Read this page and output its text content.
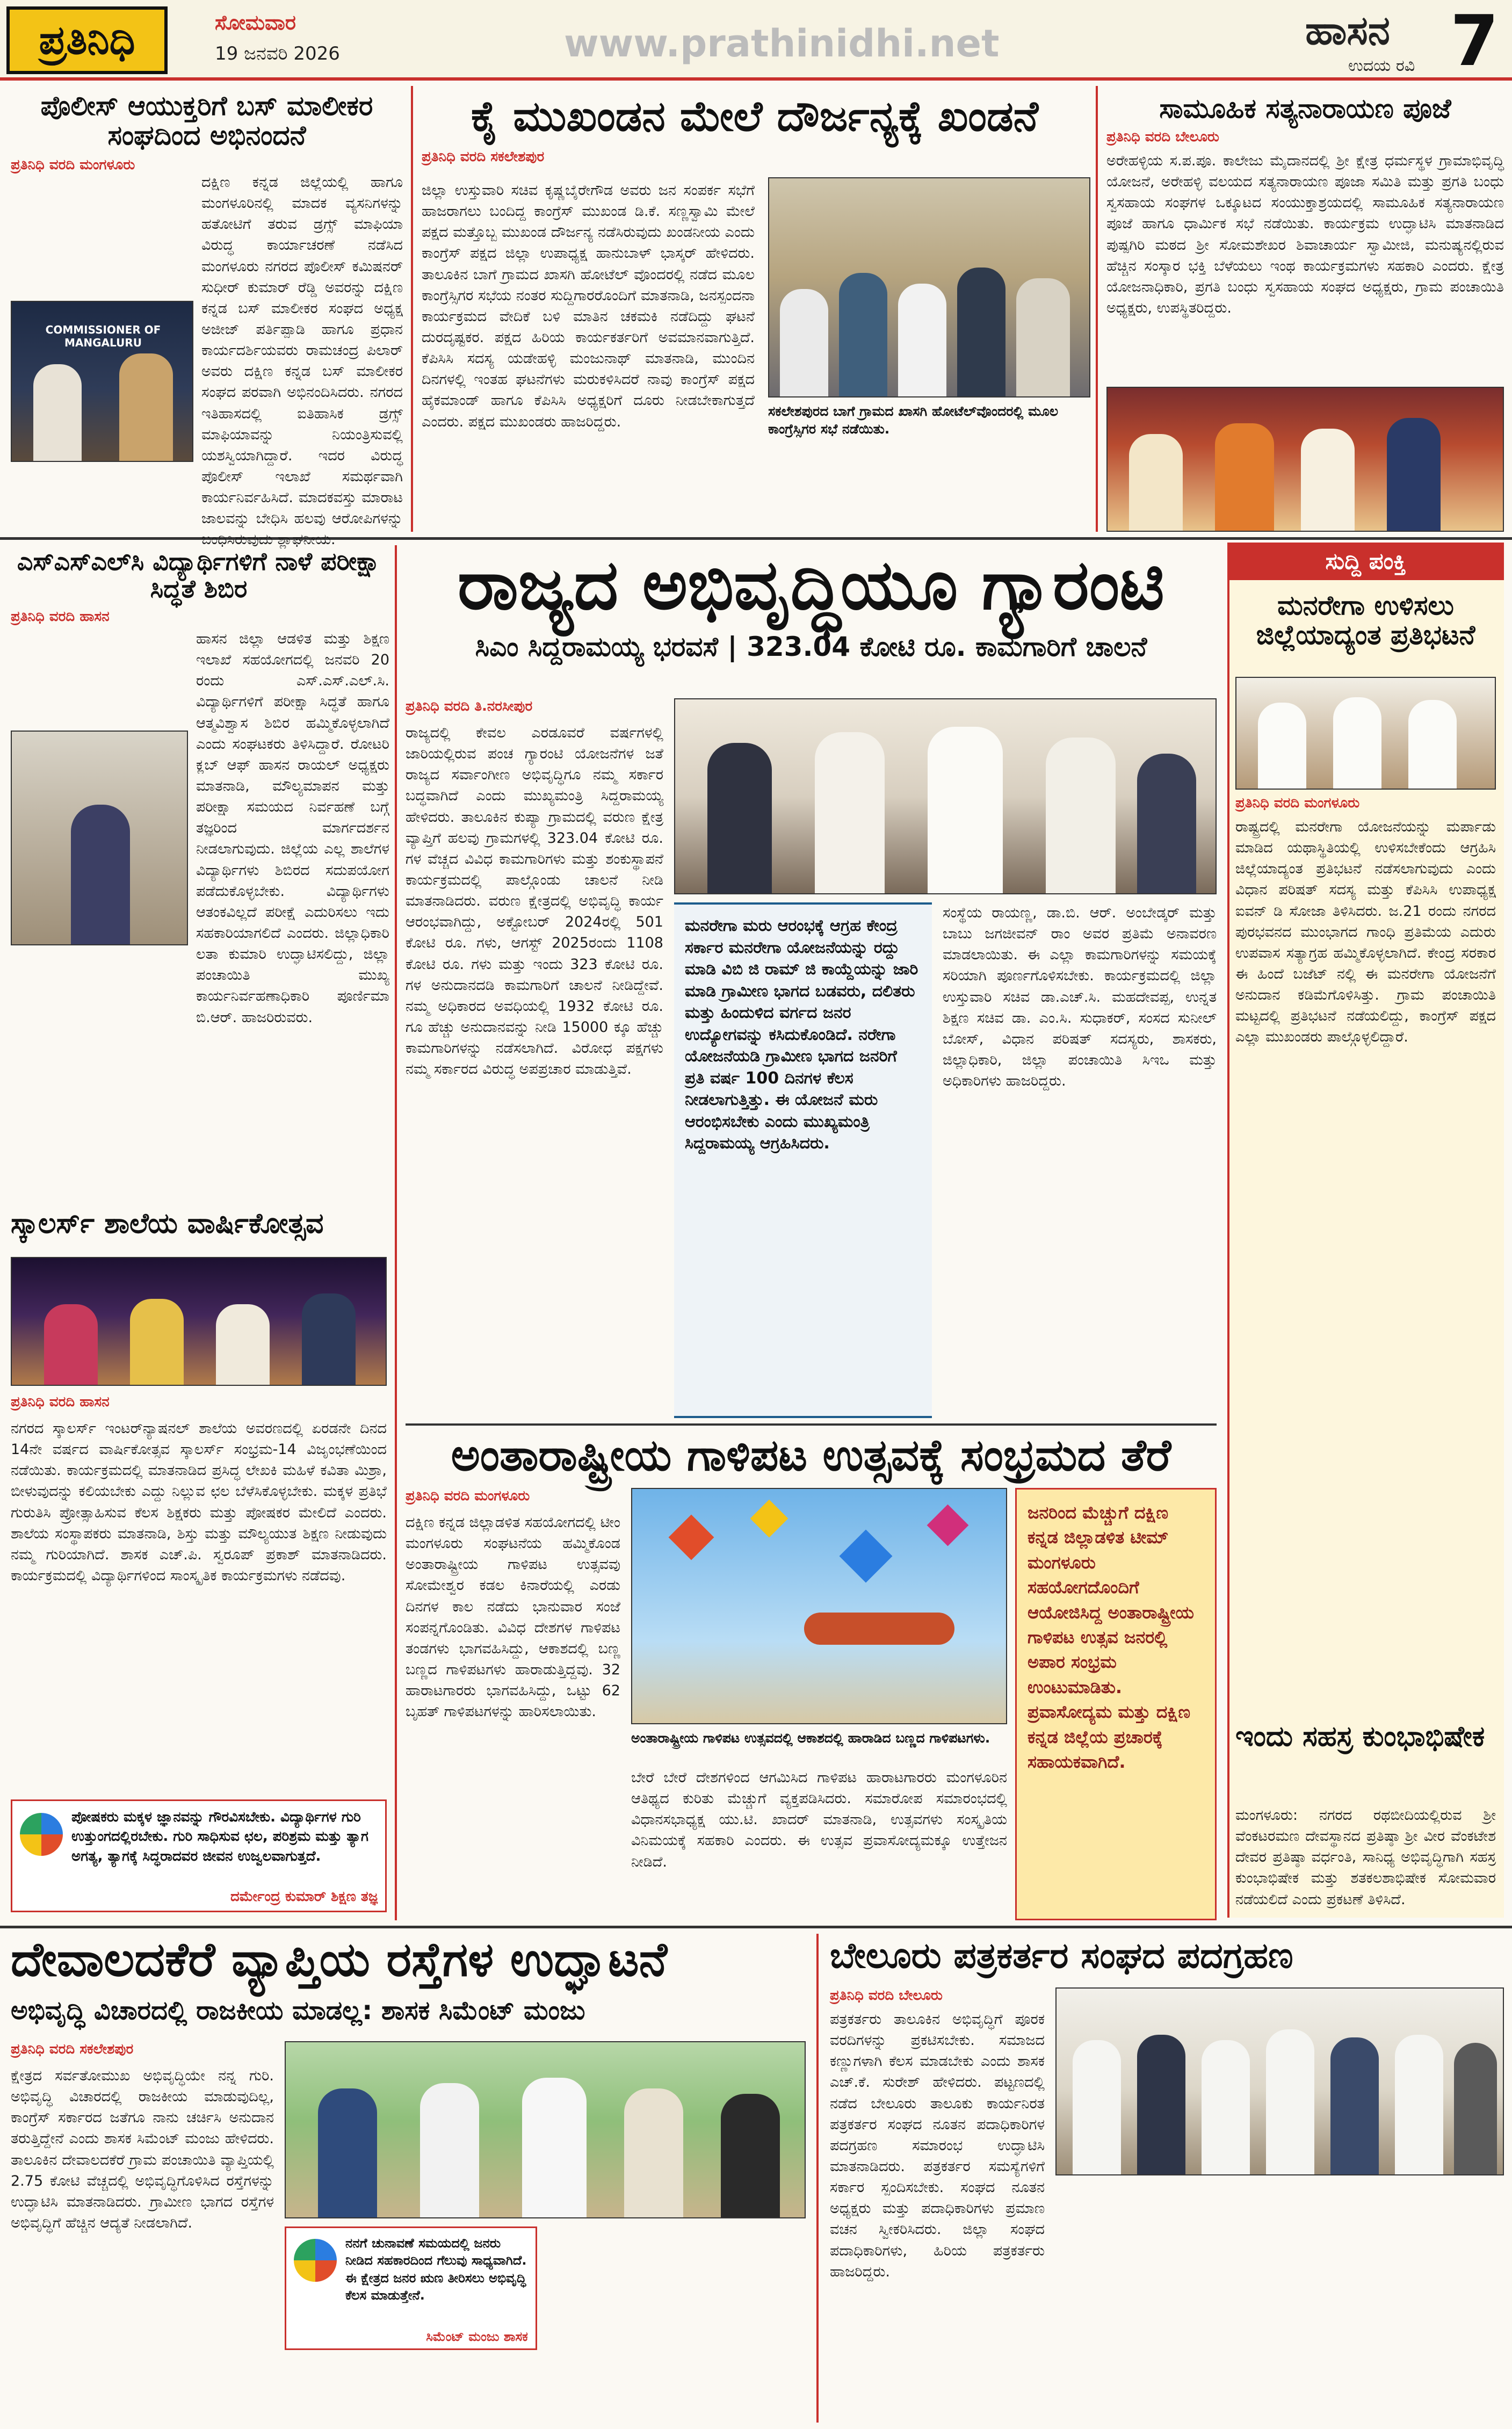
ಪ್ರತಿನಿಧಿ	ಸೋಮವಾರ
19 ಜನವರಿ 2026	www.prathinidhi.net	ಹಾಸನ
ಉದಯ ರವಿ 7
ಪೊಲೀಸ್ ಆಯುಕ್ತರಿಗೆ ಬಸ್ ಮಾಲೀಕರ ಸಂಘದಿಂದ ಅಭಿನಂದನೆ
ಪ್ರತಿನಿಧಿ ವರದಿ ಮಂಗಳೂರು
COMMISSIONER OF MANGALURU
ದಕ್ಷಿಣ ಕನ್ನಡ ಜಿಲ್ಲೆಯಲ್ಲಿ ಹಾಗೂ ಮಂಗಳೂರಿನಲ್ಲಿ ಮಾದಕ ವ್ಯಸನಿಗಳನ್ನು ಹತೋಟಿಗೆ ತರುವ ಡ್ರಗ್ಸ್ ಮಾಫಿಯಾ ವಿರುದ್ಧ ಕಾರ್ಯಾಚರಣೆ ನಡೆಸಿದ ಮಂಗಳೂರು ನಗರದ ಪೊಲೀಸ್ ಕಮಿಷನರ್ ಸುಧೀರ್ ಕುಮಾರ್ ರೆಡ್ಡಿ ಅವರನ್ನು ದಕ್ಷಿಣ ಕನ್ನಡ ಬಸ್ ಮಾಲೀಕರ ಸಂಘದ ಅಧ್ಯಕ್ಷ ಅಜೀಜ್ ಪರ್ತಿಪ್ಪಾಡಿ ಹಾಗೂ ಪ್ರಧಾನ ಕಾರ್ಯದರ್ಶಿಯವರು ರಾಮಚಂದ್ರ ಪಿಲಾರ್ ಅವರು ದಕ್ಷಿಣ ಕನ್ನಡ ಬಸ್ ಮಾಲೀಕರ ಸಂಘದ ಪರವಾಗಿ ಅಭಿನಂದಿಸಿದರು. ನಗರದ ಇತಿಹಾಸದಲ್ಲಿ ಐತಿಹಾಸಿಕ ಡ್ರಗ್ಸ್ ಮಾಫಿಯಾವನ್ನು ನಿಯಂತ್ರಿಸುವಲ್ಲಿ ಯಶಸ್ವಿಯಾಗಿದ್ದಾರೆ. ಇದರ ವಿರುದ್ಧ ಪೊಲೀಸ್ ಇಲಾಖೆ ಸಮರ್ಥವಾಗಿ ಕಾರ್ಯನಿರ್ವಹಿಸಿದೆ. ಮಾದಕವಸ್ತು ಮಾರಾಟ ಜಾಲವನ್ನು ಬೇಧಿಸಿ ಹಲವು ಆರೋಪಿಗಳನ್ನು ಬಂಧಿಸಿರುವುದು ಶ್ಲಾಘನೀಯ.
ಕೈ ಮುಖಂಡನ ಮೇಲೆ ದೌರ್ಜನ್ಯಕ್ಕೆ ಖಂಡನೆ
ಪ್ರತಿನಿಧಿ ವರದಿ ಸಕಲೇಶಪುರ
ಜಿಲ್ಲಾ ಉಸ್ತುವಾರಿ ಸಚಿವ ಕೃಷ್ಣಬೈರೇಗೌಡ ಅವರು ಜನ ಸಂಪರ್ಕ ಸಭೆಗೆ ಹಾಜರಾಗಲು ಬಂದಿದ್ದ ಕಾಂಗ್ರೆಸ್ ಮುಖಂಡ ಡಿ.ಕೆ. ಸಣ್ಣಸ್ವಾಮಿ ಮೇಲೆ ಪಕ್ಷದ ಮತ್ತೊಬ್ಬ ಮುಖಂಡ ದೌರ್ಜನ್ಯ ನಡೆಸಿರುವುದು ಖಂಡನೀಯ ಎಂದು ಕಾಂಗ್ರೆಸ್ ಪಕ್ಷದ ಜಿಲ್ಲಾ ಉಪಾಧ್ಯಕ್ಷ ಹಾನುಬಾಳ್ ಭಾಸ್ಕರ್ ಹೇಳಿದರು. ತಾಲೂಕಿನ ಬಾಗೆ ಗ್ರಾಮದ ಖಾಸಗಿ ಹೋಟೆಲ್ ವೊಂದರಲ್ಲಿ ನಡೆದ ಮೂಲ ಕಾಂಗ್ರೆಸ್ಸಿಗರ ಸಭೆಯ ನಂತರ ಸುದ್ದಿಗಾರರೊಂದಿಗೆ ಮಾತನಾಡಿ, ಜನಸ್ಪಂದನಾ ಕಾರ್ಯಕ್ರಮದ ವೇದಿಕೆ ಬಳಿ ಮಾತಿನ ಚಕಮಕಿ ನಡೆದಿದ್ದು ಘಟನೆ ದುರದೃಷ್ಟಕರ. ಪಕ್ಷದ ಹಿರಿಯ ಕಾರ್ಯಕರ್ತರಿಗೆ ಅವಮಾನವಾಗುತ್ತಿದೆ. ಕೆಪಿಸಿಸಿ ಸದಸ್ಯ ಯಡೇಹಳ್ಳಿ ಮಂಜುನಾಥ್ ಮಾತನಾಡಿ, ಮುಂದಿನ ದಿನಗಳಲ್ಲಿ ಇಂತಹ ಘಟನೆಗಳು ಮರುಕಳಿಸಿದರೆ ನಾವು ಕಾಂಗ್ರೆಸ್ ಪಕ್ಷದ ಹೈಕಮಾಂಡ್ ಹಾಗೂ ಕೆಪಿಸಿಸಿ ಅಧ್ಯಕ್ಷರಿಗೆ ದೂರು ನೀಡಬೇಕಾಗುತ್ತದೆ ಎಂದರು. ಪಕ್ಷದ ಮುಖಂಡರು ಹಾಜರಿದ್ದರು.
ಸಕಲೇಶಪುರದ ಬಾಗೆ ಗ್ರಾಮದ ಖಾಸಗಿ ಹೋಟೆಲ್‌ವೊಂದರಲ್ಲಿ ಮೂಲ ಕಾಂಗ್ರೆಸ್ಸಿಗರ ಸಭೆ ನಡೆಯಿತು.
ಸಾಮೂಹಿಕ ಸತ್ಯನಾರಾಯಣ ಪೂಜೆ
ಪ್ರತಿನಿಧಿ ವರದಿ ಬೇಲೂರು
ಅರೇಹಳ್ಳಿಯ ಸ.ಪ.ಪೂ. ಕಾಲೇಜು ಮೈದಾನದಲ್ಲಿ ಶ್ರೀ ಕ್ಷೇತ್ರ ಧರ್ಮಸ್ಥಳ ಗ್ರಾಮಾಭಿವೃದ್ಧಿ ಯೋಜನೆ, ಅರೇಹಳ್ಳಿ ವಲಯದ ಸತ್ಯನಾರಾಯಣ ಪೂಜಾ ಸಮಿತಿ ಮತ್ತು ಪ್ರಗತಿ ಬಂಧು ಸ್ವಸಹಾಯ ಸಂಘಗಳ ಒಕ್ಕೂಟದ ಸಂಯುಕ್ತಾಶ್ರಯದಲ್ಲಿ ಸಾಮೂಹಿಕ ಸತ್ಯನಾರಾಯಣ ಪೂಜೆ ಹಾಗೂ ಧಾರ್ಮಿಕ ಸಭೆ ನಡೆಯಿತು. ಕಾರ್ಯಕ್ರಮ ಉದ್ಘಾಟಿಸಿ ಮಾತನಾಡಿದ ಪುಷ್ಪಗಿರಿ ಮಠದ ಶ್ರೀ ಸೋಮಶೇಖರ ಶಿವಾಚಾರ್ಯ ಸ್ವಾಮೀಜಿ, ಮನುಷ್ಯನಲ್ಲಿರುವ ಹೆಚ್ಚಿನ ಸಂಸ್ಕಾರ ಭಕ್ತಿ ಬೆಳೆಯಲು ಇಂಥ ಕಾರ್ಯಕ್ರಮಗಳು ಸಹಕಾರಿ ಎಂದರು. ಕ್ಷೇತ್ರ ಯೋಜನಾಧಿಕಾರಿ, ಪ್ರಗತಿ ಬಂಧು ಸ್ವಸಹಾಯ ಸಂಘದ ಅಧ್ಯಕ್ಷರು, ಗ್ರಾಮ ಪಂಚಾಯಿತಿ ಅಧ್ಯಕ್ಷರು, ಉಪಸ್ಥಿತರಿದ್ದರು.
ಎಸ್‌ಎಸ್‌ಎಲ್‌ಸಿ ವಿದ್ಯಾರ್ಥಿಗಳಿಗೆ ನಾಳೆ ಪರೀಕ್ಷಾ ಸಿದ್ಧತೆ ಶಿಬಿರ
ಪ್ರತಿನಿಧಿ ವರದಿ ಹಾಸನ
ಹಾಸನ ಜಿಲ್ಲಾ ಆಡಳಿತ ಮತ್ತು ಶಿಕ್ಷಣ ಇಲಾಖೆ ಸಹಯೋಗದಲ್ಲಿ ಜನವರಿ 20 ರಂದು ಎಸ್.ಎಸ್.ಎಲ್.ಸಿ. ವಿದ್ಯಾರ್ಥಿಗಳಿಗೆ ಪರೀಕ್ಷಾ ಸಿದ್ಧತೆ ಹಾಗೂ ಆತ್ಮವಿಶ್ವಾಸ ಶಿಬಿರ ಹಮ್ಮಿಕೊಳ್ಳಲಾಗಿದೆ ಎಂದು ಸಂಘಟಕರು ತಿಳಿಸಿದ್ದಾರೆ. ರೋಟರಿ ಕ್ಲಬ್ ಆಫ್ ಹಾಸನ ರಾಯಲ್ ಅಧ್ಯಕ್ಷರು ಮಾತನಾಡಿ, ಮೌಲ್ಯಮಾಪನ ಮತ್ತು ಪರೀಕ್ಷಾ ಸಮಯದ ನಿರ್ವಹಣೆ ಬಗ್ಗೆ ತಜ್ಞರಿಂದ ಮಾರ್ಗದರ್ಶನ ನೀಡಲಾಗುವುದು. ಜಿಲ್ಲೆಯ ಎಲ್ಲ ಶಾಲೆಗಳ ವಿದ್ಯಾರ್ಥಿಗಳು ಶಿಬಿರದ ಸದುಪಯೋಗ ಪಡೆದುಕೊಳ್ಳಬೇಕು. ವಿದ್ಯಾರ್ಥಿಗಳು ಆತಂಕವಿಲ್ಲದೆ ಪರೀಕ್ಷೆ ಎದುರಿಸಲು ಇದು ಸಹಕಾರಿಯಾಗಲಿದೆ ಎಂದರು. ಜಿಲ್ಲಾಧಿಕಾರಿ ಲತಾ ಕುಮಾರಿ ಉದ್ಘಾಟಿಸಲಿದ್ದು, ಜಿಲ್ಲಾ ಪಂಚಾಯಿತಿ ಮುಖ್ಯ ಕಾರ್ಯನಿರ್ವಹಣಾಧಿಕಾರಿ ಪೂರ್ಣಿಮಾ ಬಿ.ಆರ್. ಹಾಜರಿರುವರು.
ಸ್ಕಾಲರ್ಸ್ ಶಾಲೆಯ ವಾರ್ಷಿಕೋತ್ಸವ
ಪ್ರತಿನಿಧಿ ವರದಿ ಹಾಸನ
ನಗರದ ಸ್ಕಾಲರ್ಸ್ ಇಂಟರ್‌ನ್ಯಾಷನಲ್ ಶಾಲೆಯ ಅವರಣದಲ್ಲಿ ಏರಡನೇ ದಿನದ 14ನೇ ವರ್ಷದ ವಾರ್ಷಿಕೋತ್ಸವ ಸ್ಕಾಲರ್ಸ್ ಸಂಭ್ರಮ-14 ವಿಜೃಂಭಣೆಯಿಂದ ನಡೆಯಿತು. ಕಾರ್ಯಕ್ರಮದಲ್ಲಿ ಮಾತನಾಡಿದ ಪ್ರಸಿದ್ಧ ಲೇಖಕಿ ಮಹಿಳೆ ಕವಿತಾ ಮಿಶ್ರಾ, ಬೀಳುವುದನ್ನು ಕಲಿಯಬೇಕು ಎದ್ದು ನಿಲ್ಲುವ ಛಲ ಬೆಳೆಸಿಕೊಳ್ಳಬೇಕು. ಮಕ್ಕಳ ಪ್ರತಿಭೆ ಗುರುತಿಸಿ ಪ್ರೋತ್ಸಾಹಿಸುವ ಕೆಲಸ ಶಿಕ್ಷಕರು ಮತ್ತು ಪೋಷಕರ ಮೇಲಿದೆ ಎಂದರು. ಶಾಲೆಯ ಸಂಸ್ಥಾಪಕರು ಮಾತನಾಡಿ, ಶಿಸ್ತು ಮತ್ತು ಮೌಲ್ಯಯುತ ಶಿಕ್ಷಣ ನೀಡುವುದು ನಮ್ಮ ಗುರಿಯಾಗಿದೆ. ಶಾಸಕ ಎಚ್.ಪಿ. ಸ್ವರೂಪ್ ಪ್ರಕಾಶ್ ಮಾತನಾಡಿದರು. ಕಾರ್ಯಕ್ರಮದಲ್ಲಿ ವಿದ್ಯಾರ್ಥಿಗಳಿಂದ ಸಾಂಸ್ಕೃತಿಕ ಕಾರ್ಯಕ್ರಮಗಳು ನಡೆದವು.
ಪೋಷಕರು ಮಕ್ಕಳ ಜ್ಞಾನವನ್ನು ಗೌರವಿಸಬೇಕು. ವಿದ್ಯಾರ್ಥಿಗಳ ಗುರಿ ಉತ್ತುಂಗದಲ್ಲಿರಬೇಕು. ಗುರಿ ಸಾಧಿಸುವ ಛಲ, ಪರಿಶ್ರಮ ಮತ್ತು ತ್ಯಾಗ ಅಗತ್ಯ, ತ್ಯಾಗಕ್ಕೆ ಸಿದ್ಧರಾದವರ ಜೀವನ ಉಜ್ವಲವಾಗುತ್ತದೆ.
ದರ್ಮೇಂದ್ರ ಕುಮಾರ್ ಶಿಕ್ಷಣ ತಜ್ಞ
ರಾಜ್ಯದ ಅಭಿವೃದ್ಧಿಯೂ ಗ್ಯಾರಂಟಿ
ಸಿಎಂ ಸಿದ್ದರಾಮಯ್ಯ ಭರವಸೆ | 323.04 ಕೋಟಿ ರೂ. ಕಾಮಗಾರಿಗೆ ಚಾಲನೆ
ಪ್ರತಿನಿಧಿ ವರದಿ ತಿ.ನರಸೀಪುರ
ರಾಜ್ಯದಲ್ಲಿ ಕೇವಲ ಎರಡೂವರೆ ವರ್ಷಗಳಲ್ಲಿ ಜಾರಿಯಲ್ಲಿರುವ ಪಂಚ ಗ್ಯಾರಂಟಿ ಯೋಜನೆಗಳ ಜತೆ ರಾಜ್ಯದ ಸರ್ವಾಂಗೀಣ ಅಭಿವೃದ್ಧಿಗೂ ನಮ್ಮ ಸರ್ಕಾರ ಬದ್ಧವಾಗಿದೆ ಎಂದು ಮುಖ್ಯಮಂತ್ರಿ ಸಿದ್ದರಾಮಯ್ಯ ಹೇಳಿದರು. ತಾಲೂಕಿನ ಕುಪ್ಯಾ ಗ್ರಾಮದಲ್ಲಿ ವರುಣ ಕ್ಷೇತ್ರ ವ್ಯಾಪ್ತಿಗೆ ಹಲವು ಗ್ರಾಮಗಳಲ್ಲಿ 323.04 ಕೋಟಿ ರೂ. ಗಳ ವೆಚ್ಚದ ವಿವಿಧ ಕಾಮಗಾರಿಗಳು ಮತ್ತು ಶಂಕುಸ್ಥಾಪನೆ ಕಾರ್ಯಕ್ರಮದಲ್ಲಿ ಪಾಲ್ಗೊಂಡು ಚಾಲನೆ ನೀಡಿ ಮಾತನಾಡಿದರು. ವರುಣ ಕ್ಷೇತ್ರದಲ್ಲಿ ಅಭಿವೃದ್ಧಿ ಕಾರ್ಯ ಆರಂಭವಾಗಿದ್ದು, ಅಕ್ಟೋಬರ್ 2024ರಲ್ಲಿ 501 ಕೋಟಿ ರೂ. ಗಳು, ಆಗಸ್ಟ್ 2025ರಂದು 1108 ಕೋಟಿ ರೂ. ಗಳು ಮತ್ತು ಇಂದು 323 ಕೋಟಿ ರೂ. ಗಳ ಅನುದಾನದಡಿ ಕಾಮಗಾರಿಗೆ ಚಾಲನೆ ನೀಡಿದ್ದೇವೆ. ನಮ್ಮ ಅಧಿಕಾರದ ಅವಧಿಯಲ್ಲಿ 1932 ಕೋಟಿ ರೂ. ಗೂ ಹೆಚ್ಚು ಅನುದಾನವನ್ನು ನೀಡಿ 15000 ಕ್ಕೂ ಹೆಚ್ಚು ಕಾಮಗಾರಿಗಳನ್ನು ನಡೆಸಲಾಗಿದೆ. ವಿರೋಧ ಪಕ್ಷಗಳು ನಮ್ಮ ಸರ್ಕಾರದ ವಿರುದ್ಧ ಅಪಪ್ರಚಾರ ಮಾಡುತ್ತಿವೆ.
ಮನರೇಗಾ ಮರು ಆರಂಭಕ್ಕೆ ಆಗ್ರಹ ಕೇಂದ್ರ ಸರ್ಕಾರ ಮನರೇಗಾ ಯೋಜನೆಯನ್ನು ರದ್ದು ಮಾಡಿ ವಿಬಿ ಜಿ ರಾಮ್ ಜಿ ಕಾಯ್ದೆಯನ್ನು ಜಾರಿ ಮಾಡಿ ಗ್ರಾಮೀಣ ಭಾಗದ ಬಡವರು, ದಲಿತರು ಮತ್ತು ಹಿಂದುಳಿದ ವರ್ಗದ ಜನರ ಉದ್ಯೋಗವನ್ನು ಕಸಿದುಕೊಂಡಿದೆ. ನರೇಗಾ ಯೋಜನೆಯಡಿ ಗ್ರಾಮೀಣ ಭಾಗದ ಜನರಿಗೆ ಪ್ರತಿ ವರ್ಷ 100 ದಿನಗಳ ಕೆಲಸ ನೀಡಲಾಗುತ್ತಿತ್ತು. ಈ ಯೋಜನೆ ಮರು ಆರಂಭಿಸಬೇಕು ಎಂದು ಮುಖ್ಯಮಂತ್ರಿ ಸಿದ್ದರಾಮಯ್ಯ ಆಗ್ರಹಿಸಿದರು.
ಸಂಸ್ಥೆಯ ರಾಯಣ್ಣ, ಡಾ.ಬಿ. ಆರ್. ಅಂಬೇಡ್ಕರ್ ಮತ್ತು ಬಾಬು ಜಗಜೀವನ್ ರಾಂ ಅವರ ಪ್ರತಿಮೆ ಅನಾವರಣ ಮಾಡಲಾಯಿತು. ಈ ಎಲ್ಲಾ ಕಾಮಗಾರಿಗಳನ್ನು ಸಮಯಕ್ಕೆ ಸರಿಯಾಗಿ ಪೂರ್ಣಗೊಳಿಸಬೇಕು. ಕಾರ್ಯಕ್ರಮದಲ್ಲಿ ಜಿಲ್ಲಾ ಉಸ್ತುವಾರಿ ಸಚಿವ ಡಾ.ಎಚ್.ಸಿ. ಮಹದೇವಪ್ಪ, ಉನ್ನತ ಶಿಕ್ಷಣ ಸಚಿವ ಡಾ. ಎಂ.ಸಿ. ಸುಧಾಕರ್, ಸಂಸದ ಸುನೀಲ್ ಬೋಸ್, ವಿಧಾನ ಪರಿಷತ್ ಸದಸ್ಯರು, ಶಾಸಕರು, ಜಿಲ್ಲಾಧಿಕಾರಿ, ಜಿಲ್ಲಾ ಪಂಚಾಯಿತಿ ಸಿಇಒ ಮತ್ತು ಅಧಿಕಾರಿಗಳು ಹಾಜರಿದ್ದರು.
ಸುದ್ದಿ ಪಂಕ್ತಿ
ಮನರೇಗಾ ಉಳಿಸಲು ಜಿಲ್ಲೆಯಾದ್ಯಂತ ಪ್ರತಿಭಟನೆ
ಪ್ರತಿನಿಧಿ ವರದಿ ಮಂಗಳೂರು
ರಾಷ್ಟ್ರದಲ್ಲಿ ಮನರೇಗಾ ಯೋಜನೆಯನ್ನು ಮರ್ಪಾಡು ಮಾಡಿದ ಯಥಾಸ್ಥಿತಿಯಲ್ಲಿ ಉಳಿಸಬೇಕೆಂದು ಆಗ್ರಹಿಸಿ ಜಿಲ್ಲೆಯಾದ್ಯಂತ ಪ್ರತಿಭಟನೆ ನಡೆಸಲಾಗುವುದು ಎಂದು ವಿಧಾನ ಪರಿಷತ್ ಸದಸ್ಯ ಮತ್ತು ಕೆಪಿಸಿಸಿ ಉಪಾಧ್ಯಕ್ಷ ಐವನ್ ಡಿ ಸೋಜಾ ತಿಳಿಸಿದರು. ಜ.21 ರಂದು ನಗರದ ಪುರಭವನದ ಮುಂಭಾಗದ ಗಾಂಧಿ ಪ್ರತಿಮೆಯ ಎದುರು ಉಪವಾಸ ಸತ್ಯಾಗ್ರಹ ಹಮ್ಮಿಕೊಳ್ಳಲಾಗಿದೆ. ಕೇಂದ್ರ ಸರಕಾರ ಈ ಹಿಂದೆ ಬಜೆಟ್ ನಲ್ಲಿ ಈ ಮನರೇಗಾ ಯೋಜನೆಗೆ ಅನುದಾನ ಕಡಿಮೆಗೊಳಿಸಿತ್ತು. ಗ್ರಾಮ ಪಂಚಾಯಿತಿ ಮಟ್ಟದಲ್ಲಿ ಪ್ರತಿಭಟನೆ ನಡೆಯಲಿದ್ದು, ಕಾಂಗ್ರೆಸ್ ಪಕ್ಷದ ಎಲ್ಲಾ ಮುಖಂಡರು ಪಾಲ್ಗೊಳ್ಳಲಿದ್ದಾರೆ.
ಇಂದು ಸಹಸ್ರ ಕುಂಭಾಭಿಷೇಕ
ಮಂಗಳೂರು: ನಗರದ ರಥಬೀದಿಯಲ್ಲಿರುವ ಶ್ರೀ ವೆಂಕಟರಮಣ ದೇವಸ್ಥಾನದ ಪ್ರತಿಷ್ಠಾ ಶ್ರೀ ವೀರ ವೆಂಕಟೇಶ ದೇವರ ಪ್ರತಿಷ್ಠಾ ವರ್ಧಂತಿ, ಸಾನಿಧ್ಯ ಅಭಿವೃದ್ಧಿಗಾಗಿ ಸಹಸ್ರ ಕುಂಭಾಭಿಷೇಕ ಮತ್ತು ಶತಕಲಶಾಭಿಷೇಕ ಸೋಮವಾರ ನಡೆಯಲಿದೆ ಎಂದು ಪ್ರಕಟಣೆ ತಿಳಿಸಿದೆ.
ಅಂತಾರಾಷ್ಟ್ರೀಯ ಗಾಳಿಪಟ ಉತ್ಸವಕ್ಕೆ ಸಂಭ್ರಮದ ತೆರೆ
ಪ್ರತಿನಿಧಿ ವರದಿ ಮಂಗಳೂರು
ದಕ್ಷಿಣ ಕನ್ನಡ ಜಿಲ್ಲಾಡಳಿತ ಸಹಯೋಗದಲ್ಲಿ ಟೀಂ ಮಂಗಳೂರು ಸಂಘಟನೆಯ ಹಮ್ಮಿಕೊಂಡ ಅಂತಾರಾಷ್ಟ್ರೀಯ ಗಾಳಿಪಟ ಉತ್ಸವವು ಸೋಮೇಶ್ವರ ಕಡಲ ಕಿನಾರೆಯಲ್ಲಿ ಎರಡು ದಿನಗಳ ಕಾಲ ನಡೆದು ಭಾನುವಾರ ಸಂಜೆ ಸಂಪನ್ನಗೊಂಡಿತು. ವಿವಿಧ ದೇಶಗಳ ಗಾಳಿಪಟ ತಂಡಗಳು ಭಾಗವಹಿಸಿದ್ದು, ಆಕಾಶದಲ್ಲಿ ಬಣ್ಣ ಬಣ್ಣದ ಗಾಳಿಪಟಗಳು ಹಾರಾಡುತ್ತಿದ್ದವು. 32 ಹಾರಾಟಗಾರರು ಭಾಗವಹಿಸಿದ್ದು, ಒಟ್ಟು 62 ಬೃಹತ್ ಗಾಳಿಪಟಗಳನ್ನು ಹಾರಿಸಲಾಯಿತು.
ಅಂತಾರಾಷ್ಟ್ರೀಯ ಗಾಳಿಪಟ ಉತ್ಸವದಲ್ಲಿ ಆಕಾಶದಲ್ಲಿ ಹಾರಾಡಿದ ಬಣ್ಣದ ಗಾಳಿಪಟಗಳು.
ಬೇರೆ ಬೇರೆ ದೇಶಗಳಿಂದ ಆಗಮಿಸಿದ ಗಾಳಿಪಟ ಹಾರಾಟಗಾರರು ಮಂಗಳೂರಿನ ಆತಿಥ್ಯದ ಕುರಿತು ಮೆಚ್ಚುಗೆ ವ್ಯಕ್ತಪಡಿಸಿದರು. ಸಮಾರೋಪ ಸಮಾರಂಭದಲ್ಲಿ ವಿಧಾನಸಭಾಧ್ಯಕ್ಷ ಯು.ಟಿ. ಖಾದರ್ ಮಾತನಾಡಿ, ಉತ್ಸವಗಳು ಸಂಸ್ಕೃತಿಯ ವಿನಿಮಯಕ್ಕೆ ಸಹಕಾರಿ ಎಂದರು. ಈ ಉತ್ಸವ ಪ್ರವಾಸೋದ್ಯಮಕ್ಕೂ ಉತ್ತೇಜನ ನೀಡಿದೆ.
ಜನರಿಂದ ಮೆಚ್ಚುಗೆ ದಕ್ಷಿಣ ಕನ್ನಡ ಜಿಲ್ಲಾಡಳಿತ ಟೀಮ್ ಮಂಗಳೂರು ಸಹಯೋಗದೊಂದಿಗೆ ಆಯೋಜಿಸಿದ್ದ ಅಂತಾರಾಷ್ಟ್ರೀಯ ಗಾಳಿಪಟ ಉತ್ಸವ ಜನರಲ್ಲಿ ಅಪಾರ ಸಂಭ್ರಮ ಉಂಟುಮಾಡಿತು. ಪ್ರವಾಸೋದ್ಯಮ ಮತ್ತು ದಕ್ಷಿಣ ಕನ್ನಡ ಜಿಲ್ಲೆಯ ಪ್ರಚಾರಕ್ಕೆ ಸಹಾಯಕವಾಗಿದೆ.
ದೇವಾಲದಕೆರೆ ವ್ಯಾಪ್ತಿಯ ರಸ್ತೆಗಳ ಉದ್ಘಾಟನೆ
ಅಭಿವೃದ್ಧಿ ವಿಚಾರದಲ್ಲಿ ರಾಜಕೀಯ ಮಾಡಲ್ಲ: ಶಾಸಕ ಸಿಮೆಂಟ್ ಮಂಜು
ಪ್ರತಿನಿಧಿ ವರದಿ ಸಕಲೇಶಪುರ
ಕ್ಷೇತ್ರದ ಸರ್ವತೋಮುಖ ಅಭಿವೃದ್ಧಿಯೇ ನನ್ನ ಗುರಿ. ಅಭಿವೃದ್ಧಿ ವಿಚಾರದಲ್ಲಿ ರಾಜಕೀಯ ಮಾಡುವುದಿಲ್ಲ, ಕಾಂಗ್ರೆಸ್ ಸರ್ಕಾರದ ಜತೆಗೂ ನಾನು ಚರ್ಚಿಸಿ ಅನುದಾನ ತರುತ್ತಿದ್ದೇನೆ ಎಂದು ಶಾಸಕ ಸಿಮೆಂಟ್ ಮಂಜು ಹೇಳಿದರು. ತಾಲೂಕಿನ ದೇವಾಲದಕೆರೆ ಗ್ರಾಮ ಪಂಚಾಯಿತಿ ವ್ಯಾಪ್ತಿಯಲ್ಲಿ 2.75 ಕೋಟಿ ವೆಚ್ಚದಲ್ಲಿ ಅಭಿವೃದ್ಧಿಗೊಳಿಸಿದ ರಸ್ತೆಗಳನ್ನು ಉದ್ಘಾಟಿಸಿ ಮಾತನಾಡಿದರು. ಗ್ರಾಮೀಣ ಭಾಗದ ರಸ್ತೆಗಳ ಅಭಿವೃದ್ಧಿಗೆ ಹೆಚ್ಚಿನ ಆದ್ಯತೆ ನೀಡಲಾಗಿದೆ.
ನನಗೆ ಚುನಾವಣೆ ಸಮಯದಲ್ಲಿ ಜನರು ನೀಡಿದ ಸಹಕಾರದಿಂದ ಗೆಲುವು ಸಾಧ್ಯವಾಗಿದೆ. ಈ ಕ್ಷೇತ್ರದ ಜನರ ಋಣ ತೀರಿಸಲು ಅಭಿವೃದ್ಧಿ ಕೆಲಸ ಮಾಡುತ್ತೇನೆ.
ಸಿಮೆಂಟ್ ಮಂಜು ಶಾಸಕ
ಬೇಲೂರು ಪತ್ರಕರ್ತರ ಸಂಘದ ಪದಗ್ರಹಣ
ಪ್ರತಿನಿಧಿ ವರದಿ ಬೇಲೂರು
ಪತ್ರಕರ್ತರು ತಾಲೂಕಿನ ಅಭಿವೃದ್ಧಿಗೆ ಪೂರಕ ವರದಿಗಳನ್ನು ಪ್ರಕಟಿಸಬೇಕು. ಸಮಾಜದ ಕಣ್ಣುಗಳಾಗಿ ಕೆಲಸ ಮಾಡಬೇಕು ಎಂದು ಶಾಸಕ ಎಚ್.ಕೆ. ಸುರೇಶ್ ಹೇಳಿದರು. ಪಟ್ಟಣದಲ್ಲಿ ನಡೆದ ಬೇಲೂರು ತಾಲೂಕು ಕಾರ್ಯನಿರತ ಪತ್ರಕರ್ತರ ಸಂಘದ ನೂತನ ಪದಾಧಿಕಾರಿಗಳ ಪದಗ್ರಹಣ ಸಮಾರಂಭ ಉದ್ಘಾಟಿಸಿ ಮಾತನಾಡಿದರು. ಪತ್ರಕರ್ತರ ಸಮಸ್ಯೆಗಳಿಗೆ ಸರ್ಕಾರ ಸ್ಪಂದಿಸಬೇಕು. ಸಂಘದ ನೂತನ ಅಧ್ಯಕ್ಷರು ಮತ್ತು ಪದಾಧಿಕಾರಿಗಳು ಪ್ರಮಾಣ ವಚನ ಸ್ವೀಕರಿಸಿದರು. ಜಿಲ್ಲಾ ಸಂಘದ ಪದಾಧಿಕಾರಿಗಳು, ಹಿರಿಯ ಪತ್ರಕರ್ತರು ಹಾಜರಿದ್ದರು.
